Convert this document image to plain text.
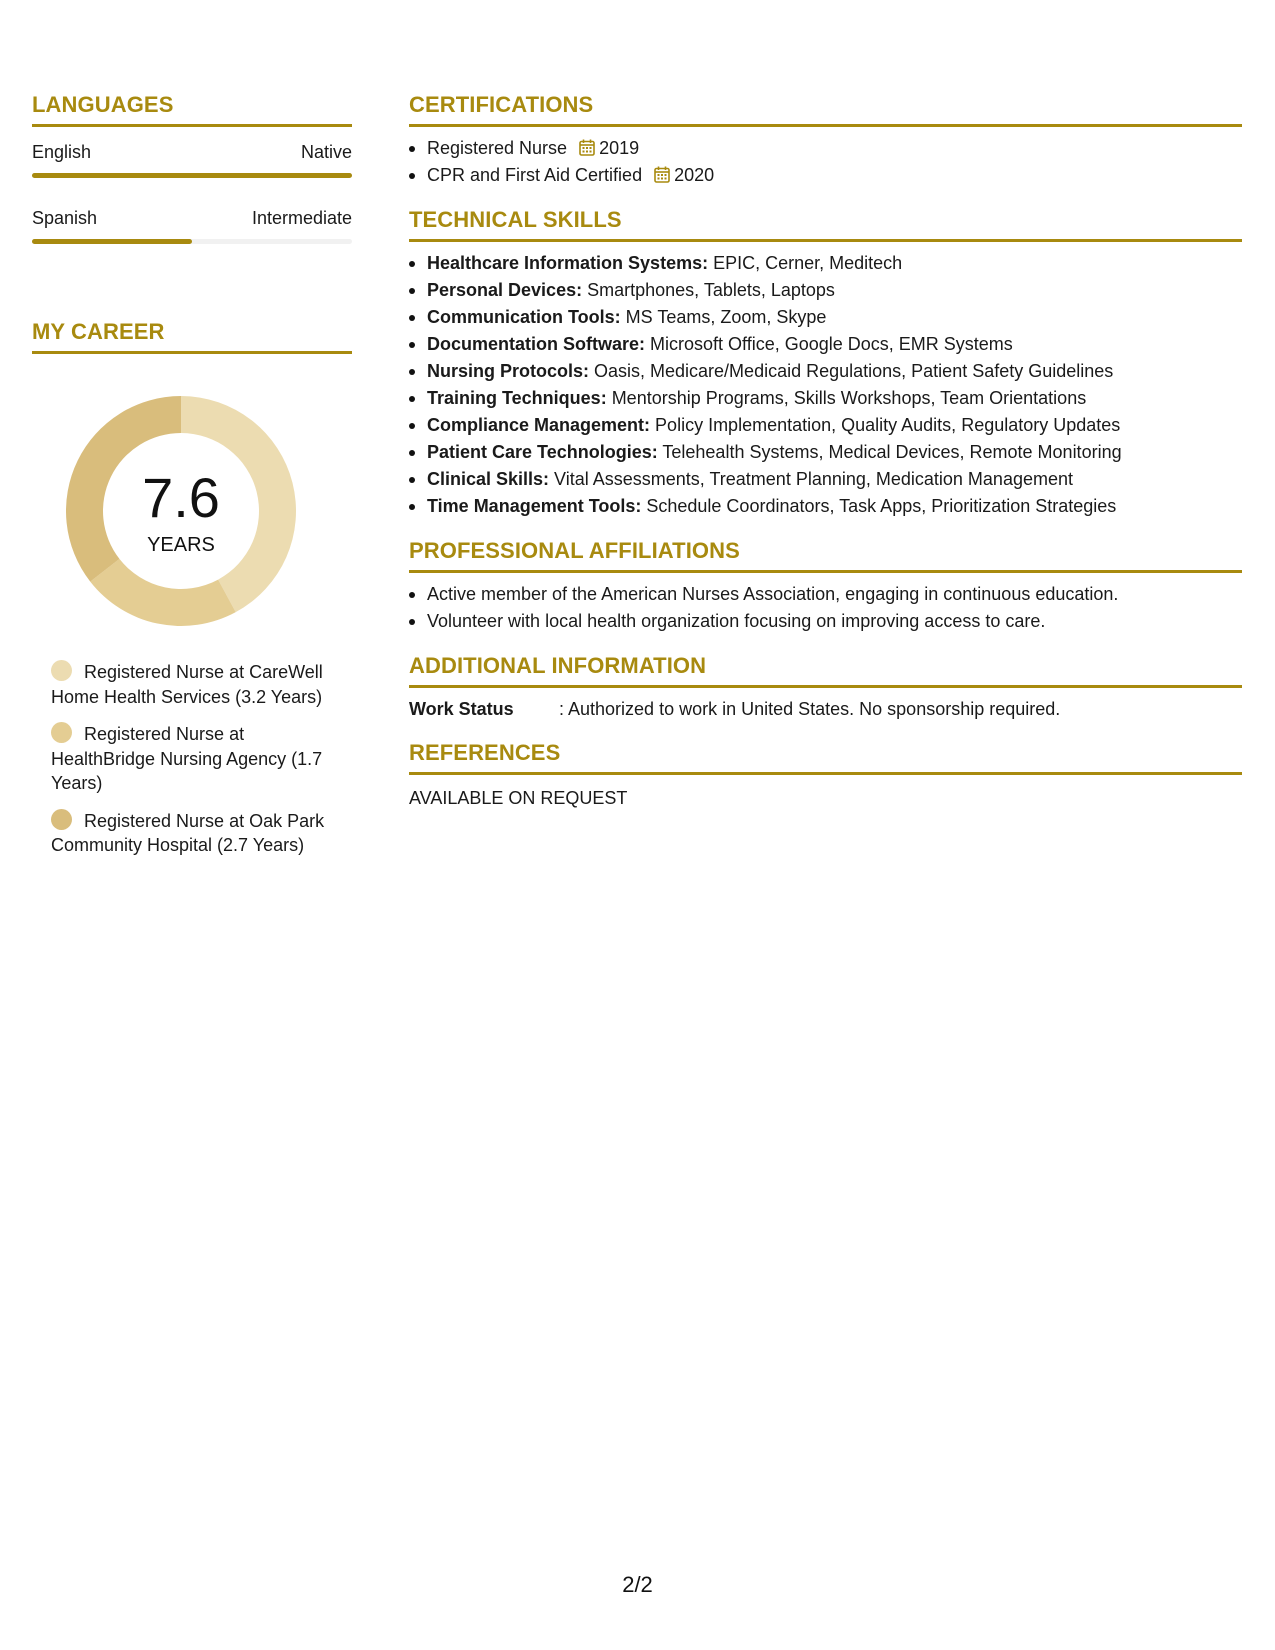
LANGUAGES
English	Native
Spanish	Intermediate
MY CAREER
7.6
YEARS
Registered Nurse at CareWell Home Health Services (3.2 Years)
Registered Nurse at HealthBridge Nursing Agency (1.7 Years)
Registered Nurse at Oak Park Community Hospital (2.7 Years)
CERTIFICATIONS
Registered Nurse 2019
CPR and First Aid Certified 2020
TECHNICAL SKILLS
Healthcare Information Systems: EPIC, Cerner, Meditech
Personal Devices: Smartphones, Tablets, Laptops
Communication Tools: MS Teams, Zoom, Skype
Documentation Software: Microsoft Office, Google Docs, EMR Systems
Nursing Protocols: Oasis, Medicare/Medicaid Regulations, Patient Safety Guidelines
Training Techniques: Mentorship Programs, Skills Workshops, Team Orientations
Compliance Management: Policy Implementation, Quality Audits, Regulatory Updates
Patient Care Technologies: Telehealth Systems, Medical Devices, Remote Monitoring
Clinical Skills: Vital Assessments, Treatment Planning, Medication Management
Time Management Tools: Schedule Coordinators, Task Apps, Prioritization Strategies
PROFESSIONAL AFFILIATIONS
Active member of the American Nurses Association, engaging in continuous education.
Volunteer with local health organization focusing on improving access to care.
ADDITIONAL INFORMATION
Work Status	: Authorized to work in United States. No sponsorship required.
REFERENCES
AVAILABLE ON REQUEST
2/2
